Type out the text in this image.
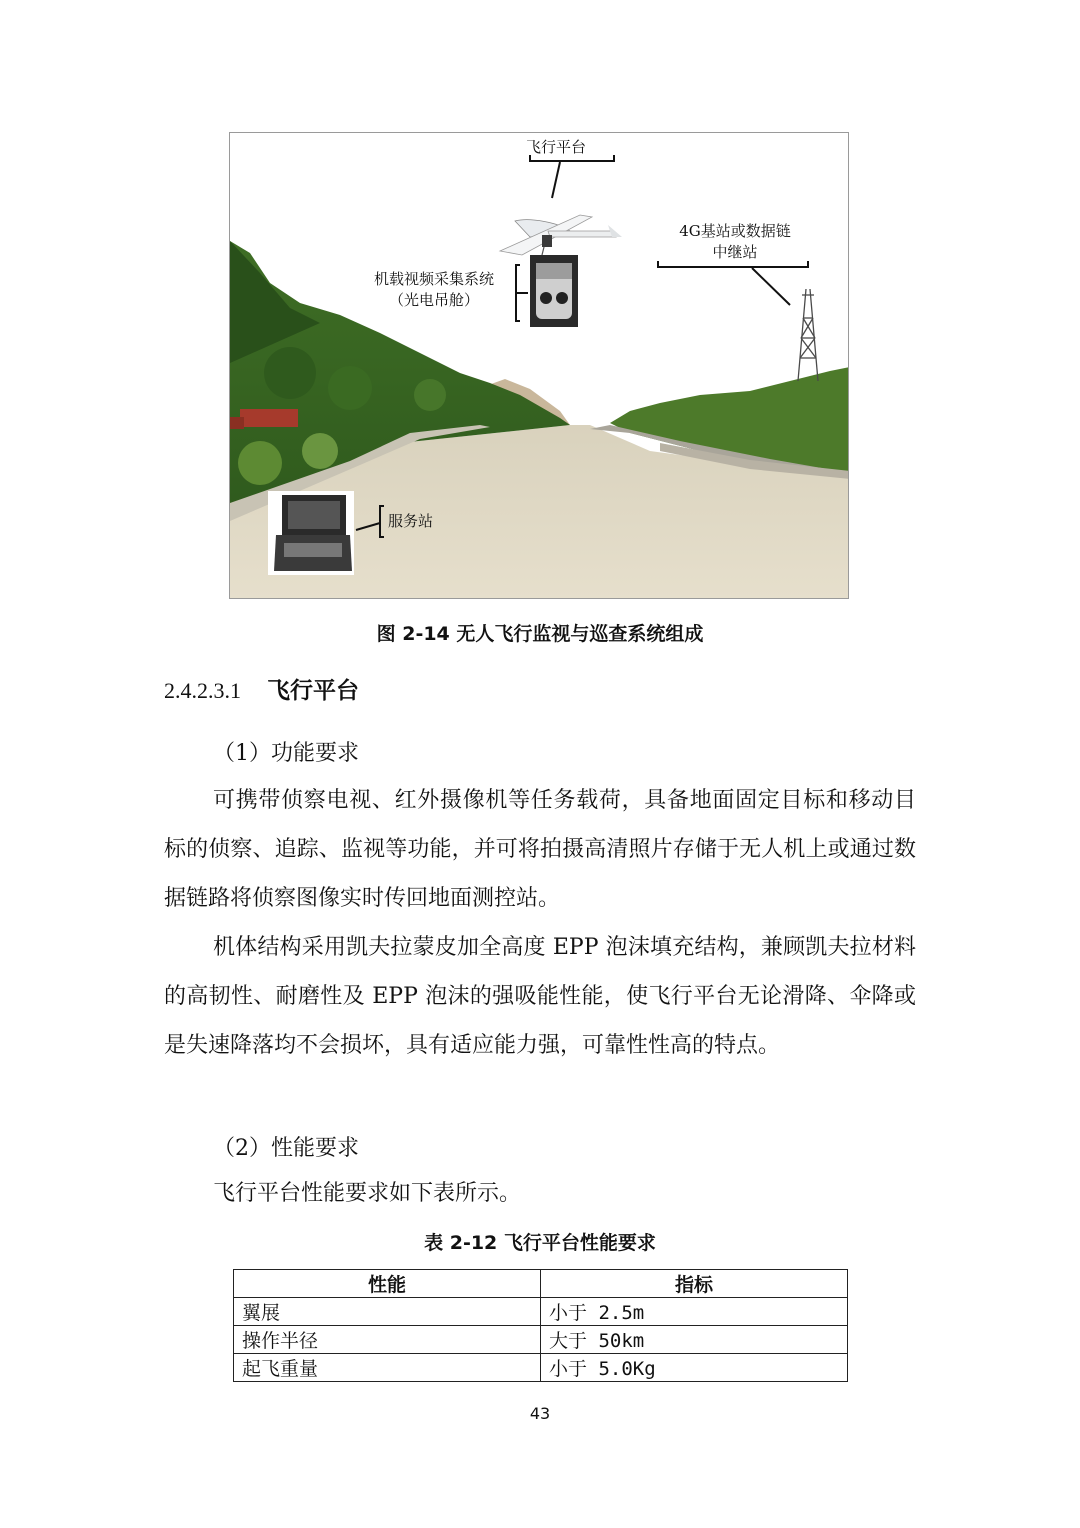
飞行平台
4G基站或数据链
中继站
机载视频采集系统
（光电吊舱）
服务站
图 2-14 无人飞行监视与巡查系统组成
2.4.2.3.1 飞行平台
（1）功能要求
可携带侦察电视、红外摄像机等任务载荷，具备地面固定目标和移动目标的侦察、追踪、监视等功能，并可将拍摄高清照片存储于无人机上或通过数据链路将侦察图像实时传回地面测控站。
机体结构采用凯夫拉蒙皮加全高度 EPP 泡沫填充结构，兼顾凯夫拉材料的高韧性、耐磨性及 EPP 泡沫的强吸能性能，使飞行平台无论滑降、伞降或是失速降落均不会损坏，具有适应能力强，可靠性性高的特点。
（2）性能要求
飞行平台性能要求如下表所示。
表 2-12 飞行平台性能要求
性能	指标
翼展	小于 2.5m
操作半径	大于 50km
起飞重量	小于 5.0Kg
43
